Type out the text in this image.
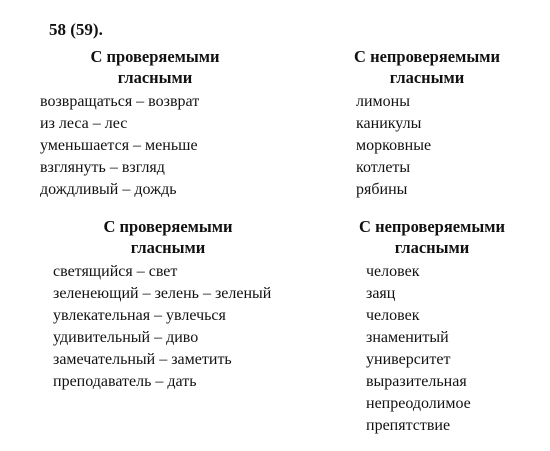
58 (59).
С проверяемыми
гласными
возвращаться – возврат
из леса – лес
уменьшается – меньше
взглянуть – взгляд
дождливый – дождь
С непроверяемыми
гласными
лимоны
каникулы
морковные
котлеты
рябины
С проверяемыми
гласными
светящийся – свет
зеленеющий – зелень – зеленый
увлекательная – увлечься
удивительный – диво
замечательный – заметить
преподаватель – дать
С непроверяемыми
гласными
человек
заяц
человек
знаменитый
университет
выразительная
непреодолимое
препятствие
